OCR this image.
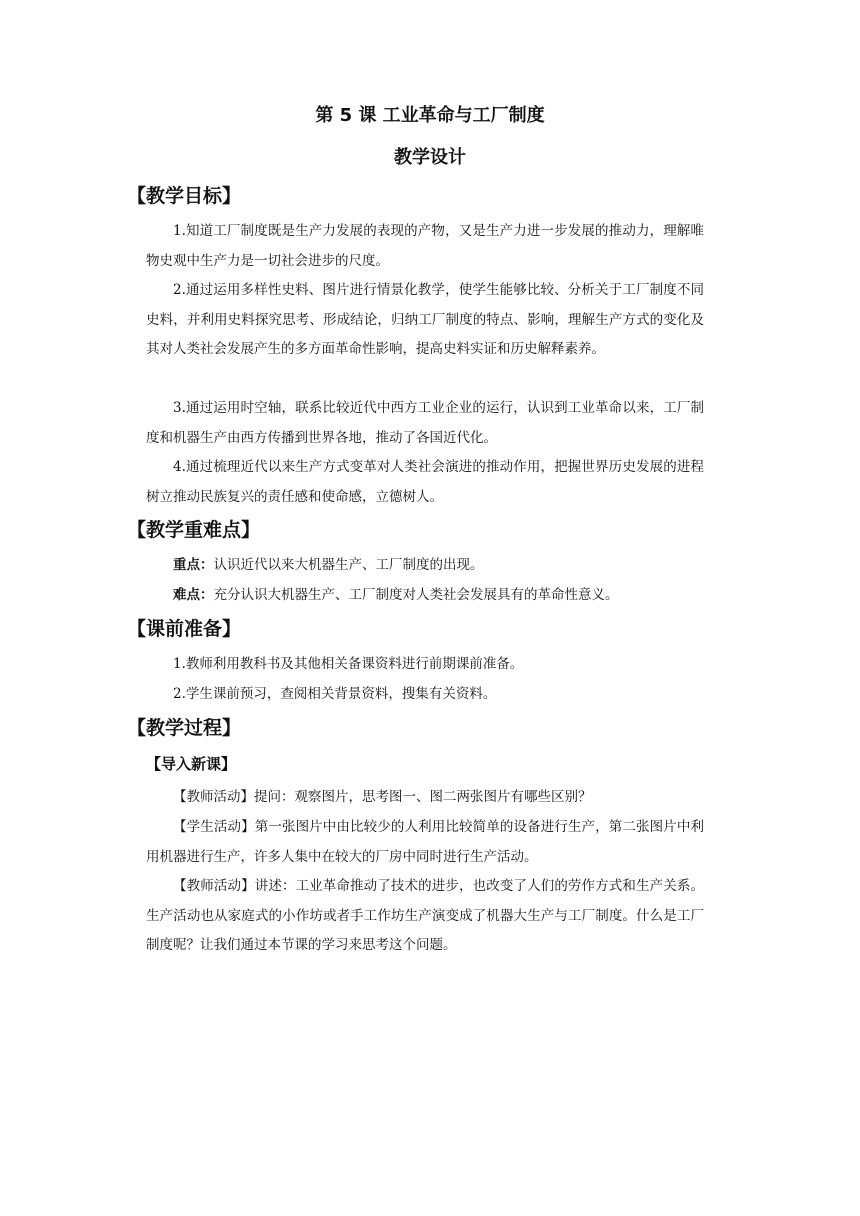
第 5 课 工业革命与工厂制度
教学设计
【教学目标】

1.知道工厂制度既是生产力发展的表现的产物，又是生产力进一步发展的推动力，理解唯物史观中生产力是一切社会进步的尺度。

2.通过运用多样性史料、图片进行情景化教学，使学生能够比较、分析关于工厂制度不同史料，并利用史料探究思考、形成结论，归纳工厂制度的特点、影响，理解生产方式的变化及其对人类社会发展产生的多方面革命性影响，提高史料实证和历史解释素养。

3.通过运用时空轴，联系比较近代中西方工业企业的运行，认识到工业革命以来，工厂制度和机器生产由西方传播到世界各地，推动了各国近代化。

4.通过梳理近代以来生产方式变革对人类社会演进的推动作用，把握世界历史发展的进程树立推动民族复兴的责任感和使命感，立德树人。

【教学重难点】

重点：认识近代以来大机器生产、工厂制度的出现。

难点：充分认识大机器生产、工厂制度对人类社会发展具有的革命性意义。

【课前准备】

1.教师利用教科书及其他相关备课资料进行前期课前准备。

2.学生课前预习，查阅相关背景资料，搜集有关资料。

【教学过程】
【导入新课】

【教师活动】提问：观察图片，思考图一、图二两张图片有哪些区别？

【学生活动】第一张图片中由比较少的人利用比较简单的设备进行生产，第二张图片中利用机器进行生产，许多人集中在较大的厂房中同时进行生产活动。

【教师活动】讲述：工业革命推动了技术的进步，也改变了人们的劳作方式和生产关系。生产活动也从家庭式的小作坊或者手工作坊生产演变成了机器大生产与工厂制度。什么是工厂制度呢？让我们通过本节课的学习来思考这个问题。
